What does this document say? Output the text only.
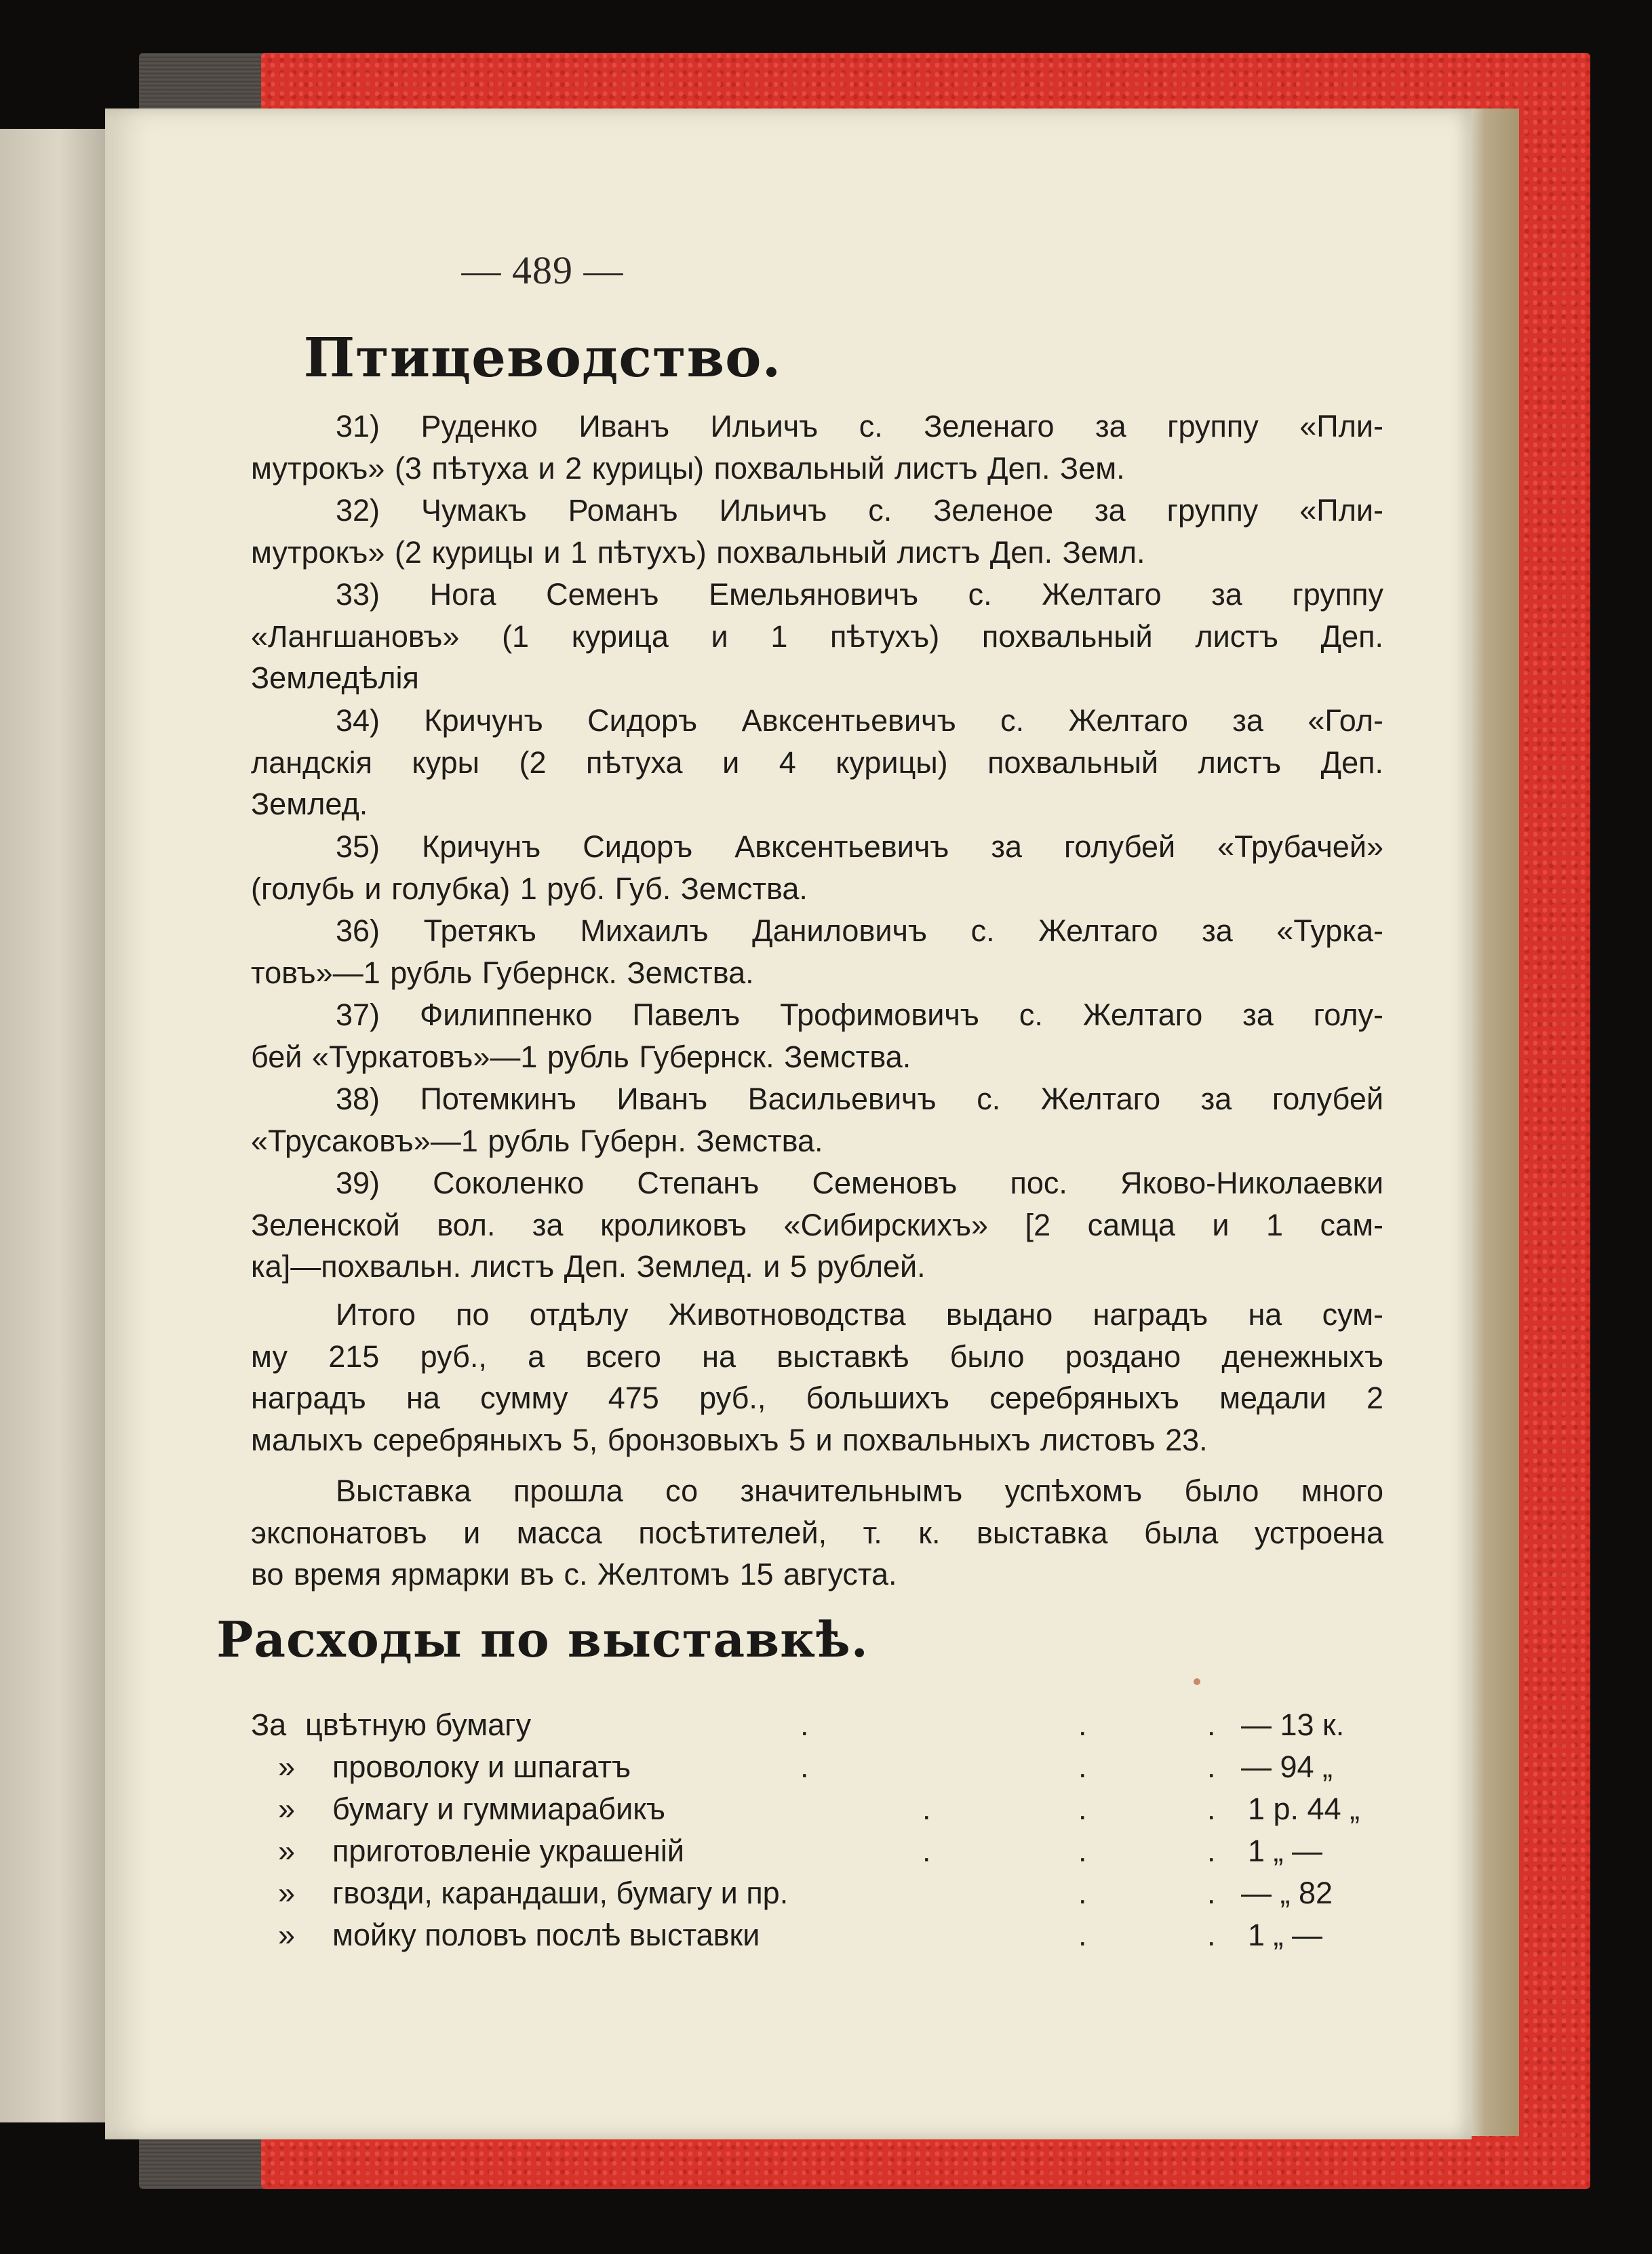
— 489 —
Птицеводство.
31) Руденко Иванъ Ильичъ с. Зеленаго за группу «Пли-
мутрокъ» (3 пѣтуха и 2 курицы) похвальный листъ Деп. Зем.
32) Чумакъ Романъ Ильичъ с. Зеленое за группу «Пли-
мутрокъ» (2 курицы и 1 пѣтухъ) похвальный листъ Деп. Земл.
33) Нога Семенъ Емельяновичъ с. Желтаго за группу
«Лангшановъ» (1 курица и 1 пѣтухъ) похвальный листъ Деп.
Земледѣлія
34) Кричунъ Сидоръ Авксентьевичъ с. Желтаго за «Гол-
ландскія куры (2 пѣтуха и 4 курицы) похвальный листъ Деп.
Землед.
35) Кричунъ Сидоръ Авксентьевичъ за голубей «Трубачей»
(голубь и голубка) 1 руб. Губ. Земства.
36) Третякъ Михаилъ Даниловичъ с. Желтаго за «Турка-
товъ»—1 рубль Губернск. Земства.
37) Филиппенко Павелъ Трофимовичъ с. Желтаго за голу-
бей «Туркатовъ»—1 рубль Губернск. Земства.
38) Потемкинъ Иванъ Васильевичъ с. Желтаго за голубей
«Трусаковъ»—1 рубль Губерн. Земства.
39) Соколенко Степанъ Семеновъ пос. Яково-Николаевки
Зеленской вол. за кроликовъ «Сибирскихъ» [2 самца и 1 сам-
ка]—похвальн. листъ Деп. Землед. и 5 рублей.
Итого по отдѣлу Животноводства выдано наградъ на сум-
му 215 руб., а всего на выставкѣ было роздано денежныхъ
наградъ на сумму 475 руб., большихъ серебряныхъ медали 2
малыхъ серебряныхъ 5, бронзовыхъ 5 и похвальныхъ листовъ 23.
Выставка прошла со значительнымъ успѣхомъ было много
экспонатовъ и масса посѣтителей, т. к. выставка была устроена
во время ярмарки въ с. Желтомъ 15 августа.
Расходы по выставкѣ.
За цвѣтную бумагу	.	.	. — 13 к.
» проволоку и шпагатъ	.	.	. — 94 „
» бумагу и гуммиарабикъ	.	.	. 1 р. 44 „
» приготовленіе украшеній	.	.	. 1 „ —
» гвозди, карандаши, бумагу и пр.	.	. — „ 82
» мойку половъ послѣ выставки	.	. 1 „ —
